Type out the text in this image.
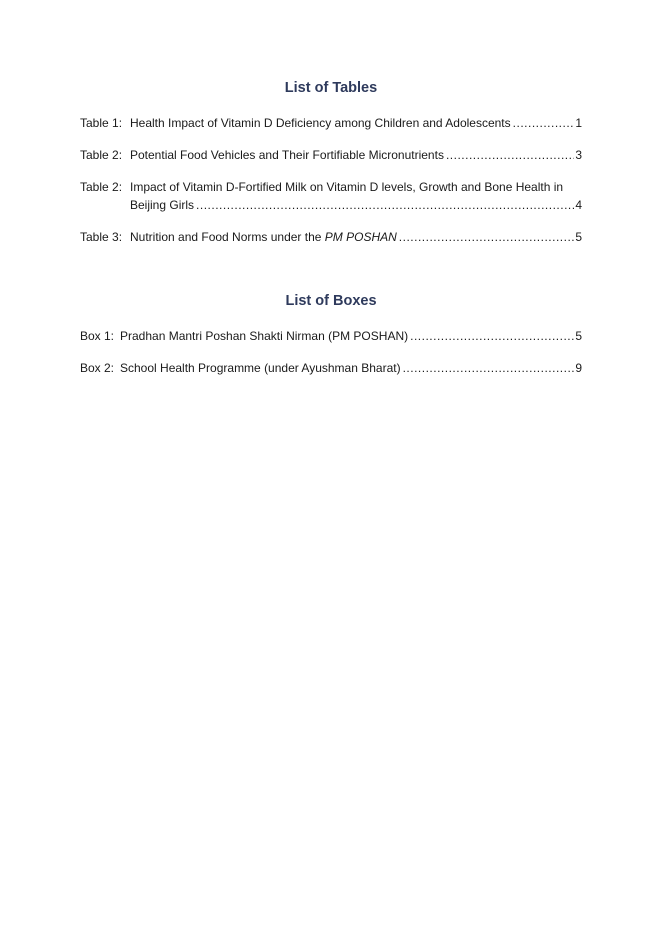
List of Tables
Table 1: Health Impact of Vitamin D Deficiency among Children and Adolescents .....	1
Table 2: Potential Food Vehicles and Their Fortifiable Micronutrients .....	3
Table 2: Impact of Vitamin D-Fortified Milk on Vitamin D levels, Growth and Bone Health in
Beijing Girls .....	4
Table 3: Nutrition and Food Norms under the PM POSHAN .....	5
List of Boxes
Box 1: Pradhan Mantri Poshan Shakti Nirman (PM POSHAN) .....	5
Box 2: School Health Programme (under Ayushman Bharat) .....	9
